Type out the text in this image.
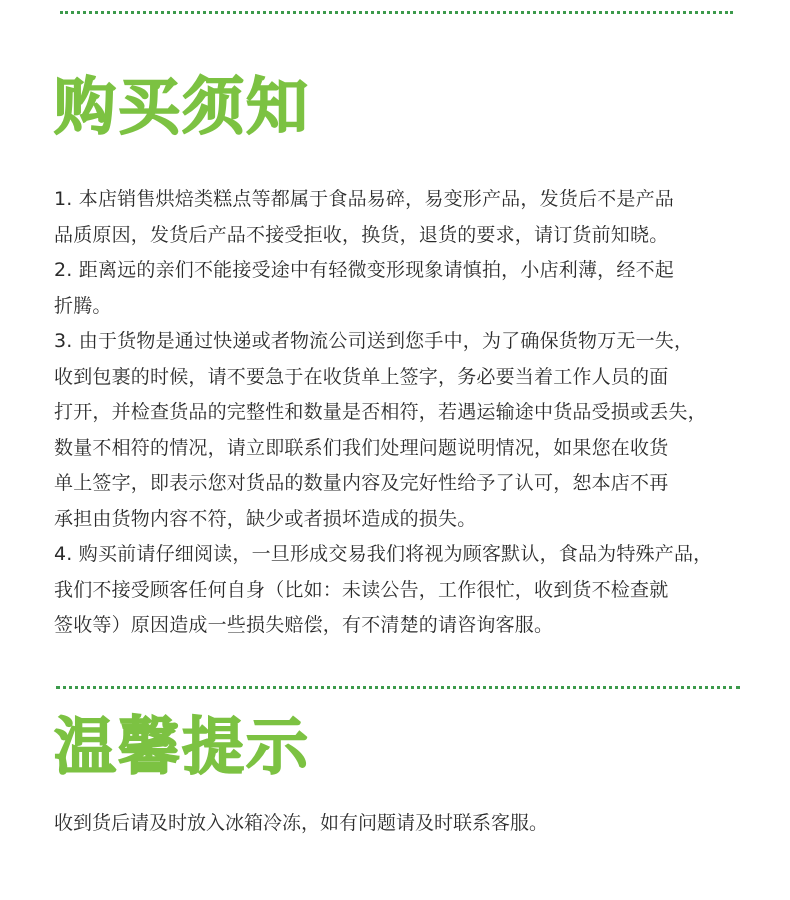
购买须知
1. 本店销售烘焙类糕点等都属于食品易碎，易变形产品，发货后不是产品
品质原因，发货后产品不接受拒收，换货，退货的要求，请订货前知晓。
2. 距离远的亲们不能接受途中有轻微变形现象请慎拍，小店利薄，经不起
折腾。
3. 由于货物是通过快递或者物流公司送到您手中，为了确保货物万无一失，
收到包裹的时候，请不要急于在收货单上签字，务必要当着工作人员的面
打开，并检查货品的完整性和数量是否相符，若遇运输途中货品受损或丢失，
数量不相符的情况，请立即联系们我们处理问题说明情况，如果您在收货
单上签字，即表示您对货品的数量内容及完好性给予了认可，恕本店不再
承担由货物内容不符，缺少或者损坏造成的损失。
4. 购买前请仔细阅读，一旦形成交易我们将视为顾客默认，食品为特殊产品，
我们不接受顾客任何自身（比如：未读公告，工作很忙，收到货不检查就
签收等）原因造成一些损失赔偿，有不清楚的请咨询客服。
温馨提示

收到货后请及时放入冰箱冷冻，如有问题请及时联系客服。
